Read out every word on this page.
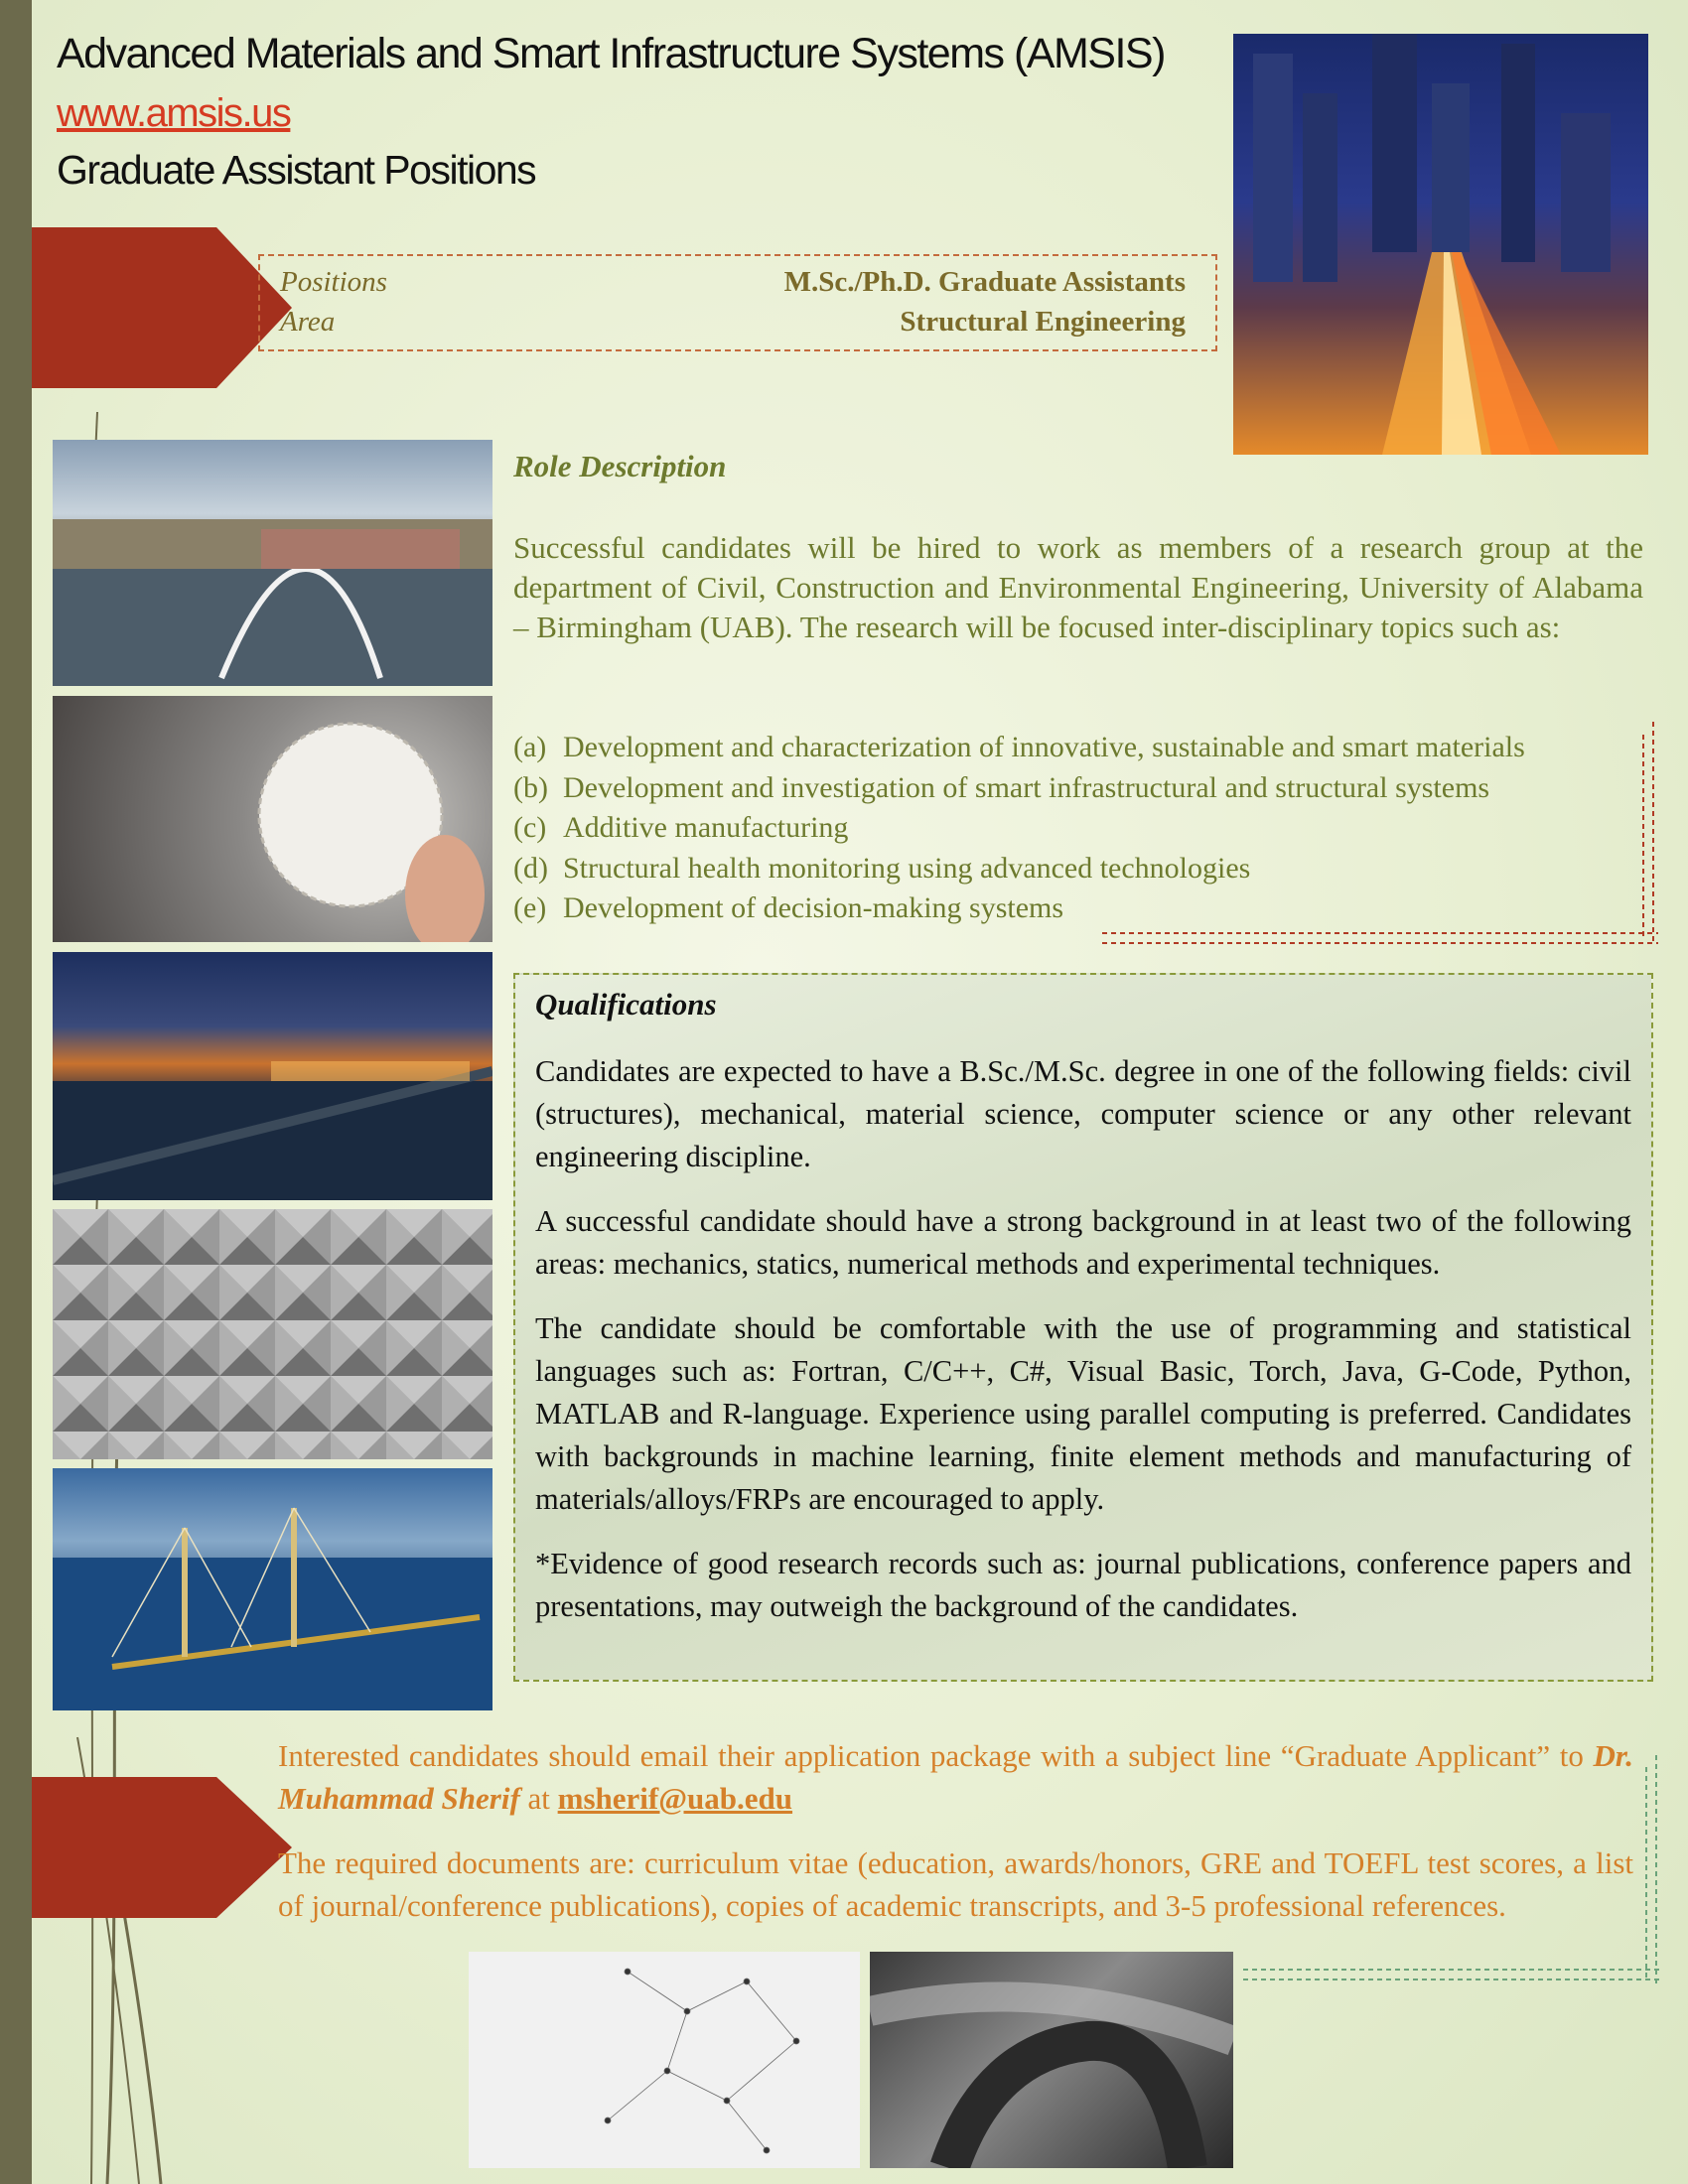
Advanced Materials and Smart Infrastructure Systems (AMSIS)
www.amsis.us
Graduate Assistant Positions
Positions	M.Sc./Ph.D. Graduate Assistants
Area	Structural Engineering
Role Description
Successful candidates will be hired to work as members of a research group at the department of Civil, Construction and Environmental Engineering, University of Alabama – Birmingham (UAB). The research will be focused inter-disciplinary topics such as:
(a) Development and characterization of innovative, sustainable and smart materials
(b) Development and investigation of smart infrastructural and structural systems
(c) Additive manufacturing
(d) Structural health monitoring using advanced technologies
(e) Development of decision-making systems
Qualifications

Candidates are expected to have a B.Sc./M.Sc. degree in one of the following fields: civil (structures), mechanical, material science, computer science or any other relevant engineering discipline.

A successful candidate should have a strong background in at least two of the following areas: mechanics, statics, numerical methods and experimental techniques.

The candidate should be comfortable with the use of programming and statistical languages such as: Fortran, C/C++, C#, Visual Basic, Torch, Java, G-Code, Python, MATLAB and R-language. Experience using parallel computing is preferred. Candidates with backgrounds in machine learning, finite element methods and manufacturing of materials/alloys/FRPs are encouraged to apply.

*Evidence of good research records such as: journal publications, conference papers and presentations, may outweigh the background of the candidates.

Interested candidates should email their application package with a subject line “Graduate Applicant” to Dr. Muhammad Sherif at msherif@uab.edu

The required documents are: curriculum vitae (education, awards/honors, GRE and TOEFL test scores, a list of journal/conference publications), copies of academic transcripts, and 3-5 professional references.
